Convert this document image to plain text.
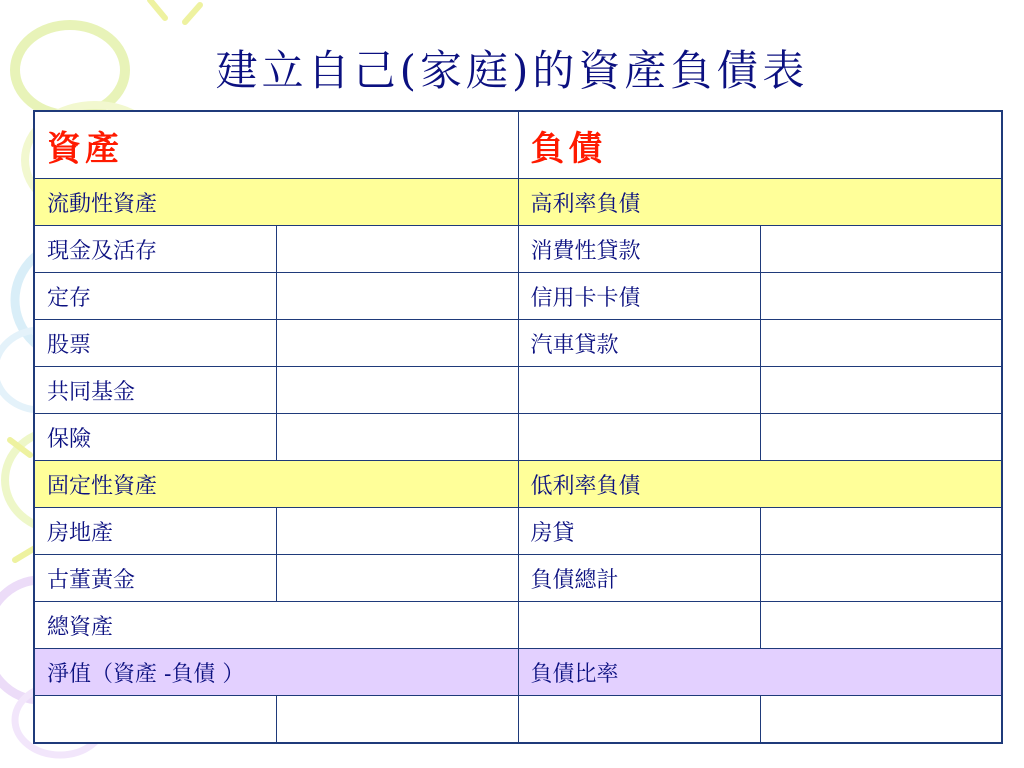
建立自己(家庭)的資產負債表
資產		負債	
流動性資產		高利率負債	
現金及活存		消費性貸款	
定存		信用卡卡債	
股票		汽車貸款	
共同基金			
保險			
固定性資產		低利率負債	
房地產		房貸	
古董黃金		負債總計	
總資產			
淨值（資產 -負債 ）		負債比率	
